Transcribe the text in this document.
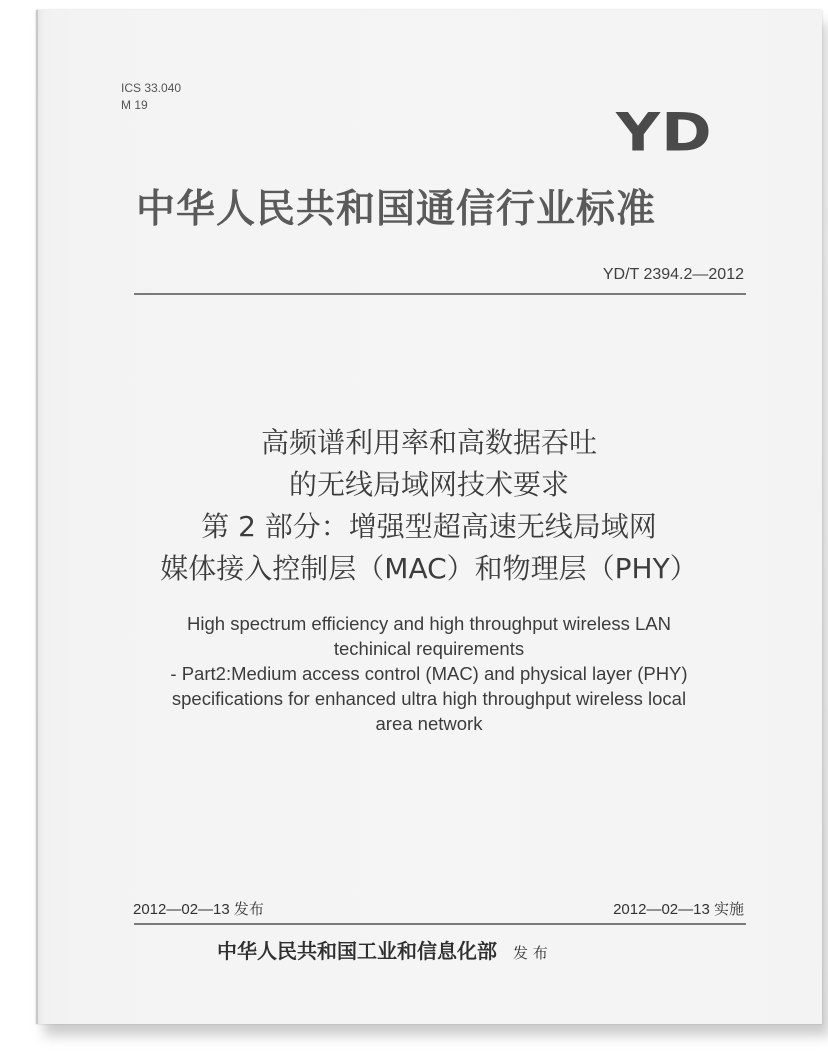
ICS 33.040
M 19	YD
中华人民共和国通信行业标准
YD/T 2394.2—2012
高频谱利用率和高数据吞吐
的无线局域网技术要求
第 2 部分：增强型超高速无线局域网
媒体接入控制层（MAC）和物理层（PHY）
High spectrum efficiency and high throughput wireless LAN
techinical requirements
- Part2:Medium access control (MAC) and physical layer (PHY)
specifications for enhanced ultra high throughput wireless local
area network
2012—02—13 发布	2012—02—13 实施
中华人民共和国工业和信息化部 发 布
